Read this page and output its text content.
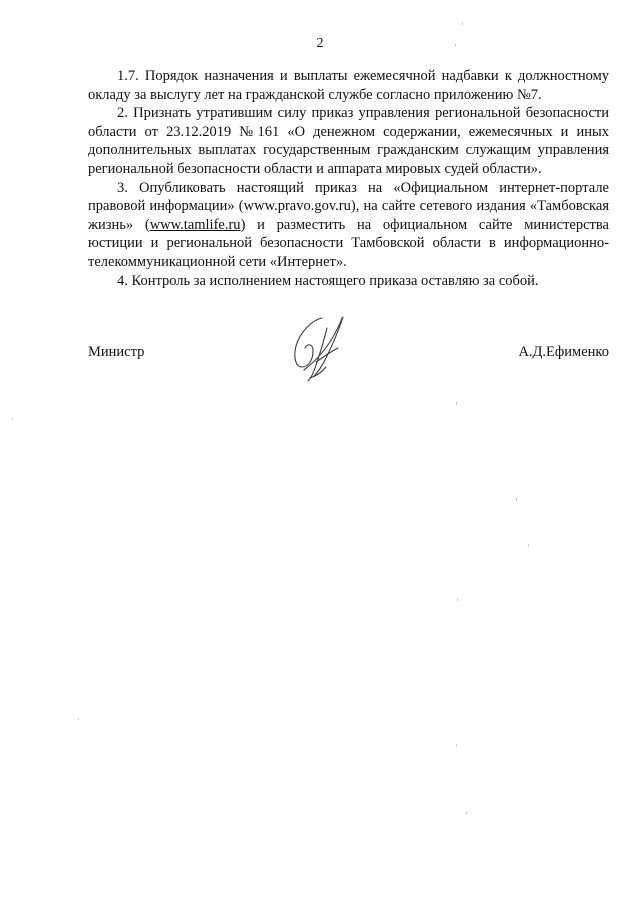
2

1.7. Порядок назначения и выплаты ежемесячной надбавки к должностному окладу за выслугу лет на гражданской службе согласно приложению №7.

2. Признать утратившим силу приказ управления региональной безопасности области от 23.12.2019 №161 «О денежном содержании, ежемесячных и иных дополнительных выплатах государственным гражданским служащим управления региональной безопасности области и аппарата мировых судей области».

3. Опубликовать настоящий приказ на «Официальном интернет-портале правовой информации» (www.pravo.gov.ru), на сайте сетевого издания «Тамбовская жизнь» (www.tamlife.ru) и разместить на официальном сайте министерства юстиции и региональной безопасности Тамбовской области в информационно-телекоммуникационной сети «Интернет».

4. Контроль за исполнением настоящего приказа оставляю за собой.

Министр	А.Д.Ефименко
